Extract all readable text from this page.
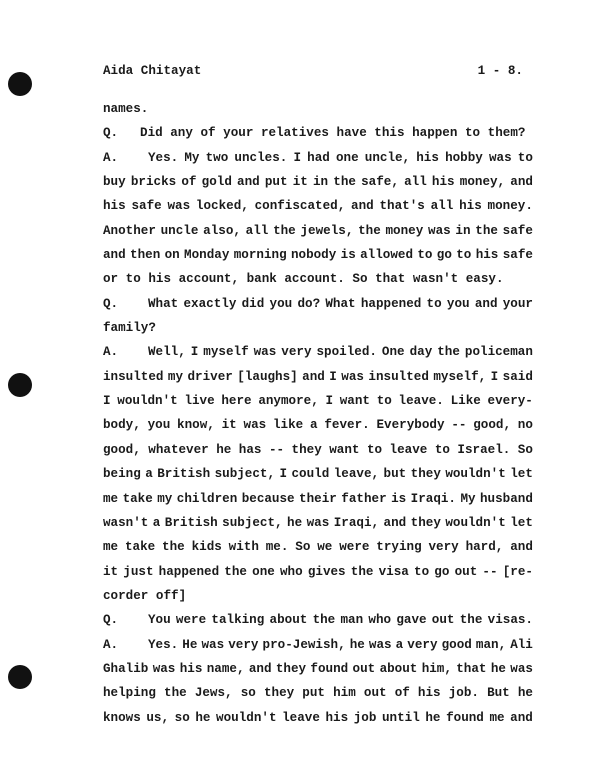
Aida Chitayat	1 - 8.
names.
Q.	Did any of your relatives have this happen to them?
A.	Yes. My two uncles. I had one uncle, his hobby was to
buy bricks of gold and put it in the safe, all his money, and
his safe was locked, confiscated, and that's all his money.
Another uncle also, all the jewels, the money was in the safe
and then on Monday morning nobody is allowed to go to his safe
or to his account, bank account. So that wasn't easy.
Q.	What exactly did you do? What happened to you and your
family?
A.	Well, I myself was very spoiled. One day the policeman
insulted my driver [laughs] and I was insulted myself, I said
I wouldn't live here anymore, I want to leave. Like every-
body, you know, it was like a fever. Everybody -- good, no
good, whatever he has -- they want to leave to Israel. So
being a British subject, I could leave, but they wouldn't let
me take my children because their father is Iraqi. My husband
wasn't a British subject, he was Iraqi, and they wouldn't let
me take the kids with me. So we were trying very hard, and
it just happened the one who gives the visa to go out -- [re-
corder off]
Q.	You were talking about the man who gave out the visas.
A.	Yes. He was very pro-Jewish, he was a very good man, Ali
Ghalib was his name, and they found out about him, that he was
helping the Jews, so they put him out of his job. But he
knows us, so he wouldn't leave his job until he found me and
